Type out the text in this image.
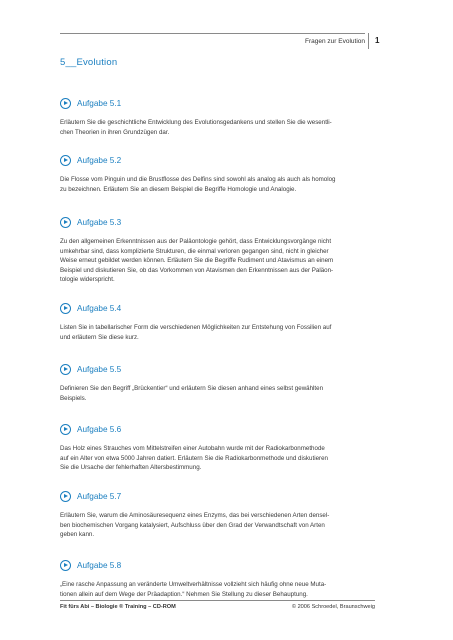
Fragen zur Evolution 1
5__Evolution
Aufgabe 5.1
Erläutern Sie die geschichtliche Entwicklung des Evolutionsgedankens und stellen Sie die wesentli-
chen Theorien in ihren Grundzügen dar.
Aufgabe 5.2
Die Flosse vom Pinguin und die Brustflosse des Delfins sind sowohl als analog als auch als homolog
zu bezeichnen. Erläutern Sie an diesem Beispiel die Begriffe Homologie und Analogie.
Aufgabe 5.3
Zu den allgemeinen Erkenntnissen aus der Paläontologie gehört, dass Entwicklungsvorgänge nicht
umkehrbar sind, dass komplizierte Strukturen, die einmal verloren gegangen sind, nicht in gleicher
Weise erneut gebildet werden können. Erläutern Sie die Begriffe Rudiment und Atavismus an einem
Beispiel und diskutieren Sie, ob das Vorkommen von Atavismen den Erkenntnissen aus der Paläon-
tologie widerspricht.
Aufgabe 5.4
Listen Sie in tabellarischer Form die verschiedenen Möglichkeiten zur Entstehung von Fossilien auf
und erläutern Sie diese kurz.
Aufgabe 5.5
Definieren Sie den Begriff „Brückentier“ und erläutern Sie diesen anhand eines selbst gewählten
Beispiels.
Aufgabe 5.6
Das Holz eines Strauches vom Mittelstreifen einer Autobahn wurde mit der Radiokarbonmethode
auf ein Alter von etwa 5000 Jahren datiert. Erläutern Sie die Radiokarbonmethode und diskutieren
Sie die Ursache der fehlerhaften Altersbestimmung.
Aufgabe 5.7
Erläutern Sie, warum die Aminosäuresequenz eines Enzyms, das bei verschiedenen Arten densel-
ben biochemischen Vorgang katalysiert, Aufschluss über den Grad der Verwandtschaft von Arten
geben kann.
Aufgabe 5.8
„Eine rasche Anpassung an veränderte Umweltverhältnisse vollzieht sich häufig ohne neue Muta-
tionen allein auf dem Wege der Präadaption.“ Nehmen Sie Stellung zu dieser Behauptung.
Fit fürs Abi – Biologie ® Training – CD-ROM	© 2006 Schroedel, Braunschweig
